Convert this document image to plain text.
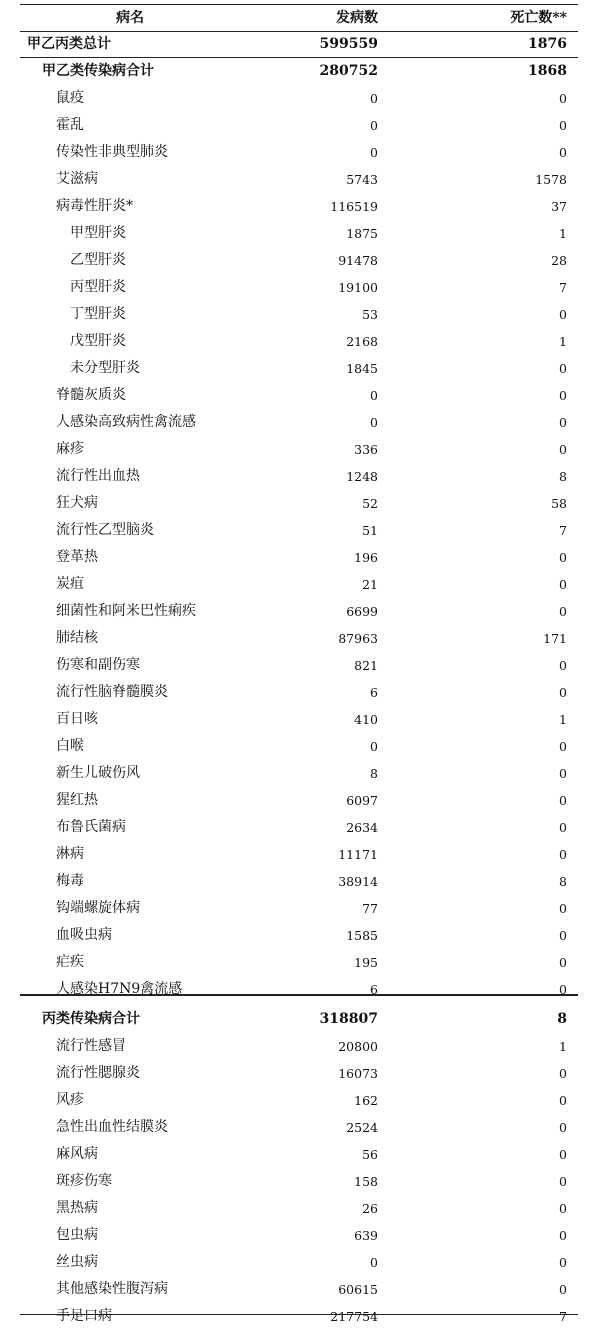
病名	发病数	死亡数**
甲乙丙类总计	599559	1876
甲乙类传染病合计	280752	1868
鼠疫	0	0
霍乱	0	0
传染性非典型肺炎	0	0
艾滋病	5743	1578
病毒性肝炎*	116519	37
甲型肝炎	1875	1
乙型肝炎	91478	28
丙型肝炎	19100	7
丁型肝炎	53	0
戊型肝炎	2168	1
未分型肝炎	1845	0
脊髓灰质炎	0	0
人感染高致病性禽流感	0	0
麻疹	336	0
流行性出血热	1248	8
狂犬病	52	58
流行性乙型脑炎	51	7
登革热	196	0
炭疽	21	0
细菌性和阿米巴性痢疾	6699	0
肺结核	87963	171
伤寒和副伤寒	821	0
流行性脑脊髓膜炎	6	0
百日咳	410	1
白喉	0	0
新生儿破伤风	8	0
猩红热	6097	0
布鲁氏菌病	2634	0
淋病	11171	0
梅毒	38914	8
钩端螺旋体病	77	0
血吸虫病	1585	0
疟疾	195	0
人感染H7N9禽流感	6	0
丙类传染病合计	318807	8
流行性感冒	20800	1
流行性腮腺炎	16073	0
风疹	162	0
急性出血性结膜炎	2524	0
麻风病	56	0
斑疹伤寒	158	0
黑热病	26	0
包虫病	639	0
丝虫病	0	0
其他感染性腹泻病	60615	0
手足口病	217754	7
